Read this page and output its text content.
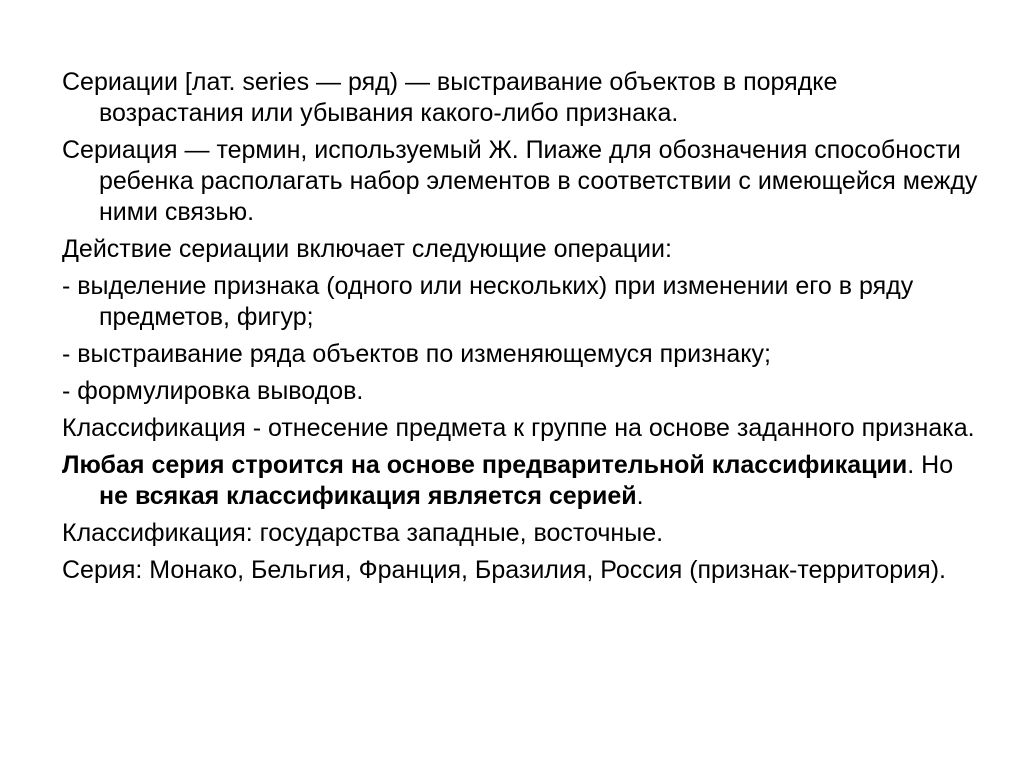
Сериации [лат. series — ряд) — выстраивание объектов в порядке возрастания или убывания какого-либо признака.

Сериация — термин, используемый Ж. Пиаже для обозначения способности ребенка располагать набор элементов в соответствии с имеющейся между ними связью.

Действие сериации включает следующие операции:

- выделение признака (одного или нескольких) при изменении его в ряду предметов, фигур;

- выстраивание ряда объектов по изменяющемуся признаку;

- формулировка выводов.

Классификация - отнесение предмета к группе на основе заданного признака.

Любая серия строится на основе предварительной классификации. Но не всякая классификация является серией.

Классификация: государства западные, восточные.

Серия: Монако, Бельгия, Франция, Бразилия, Россия (признак-территория).
